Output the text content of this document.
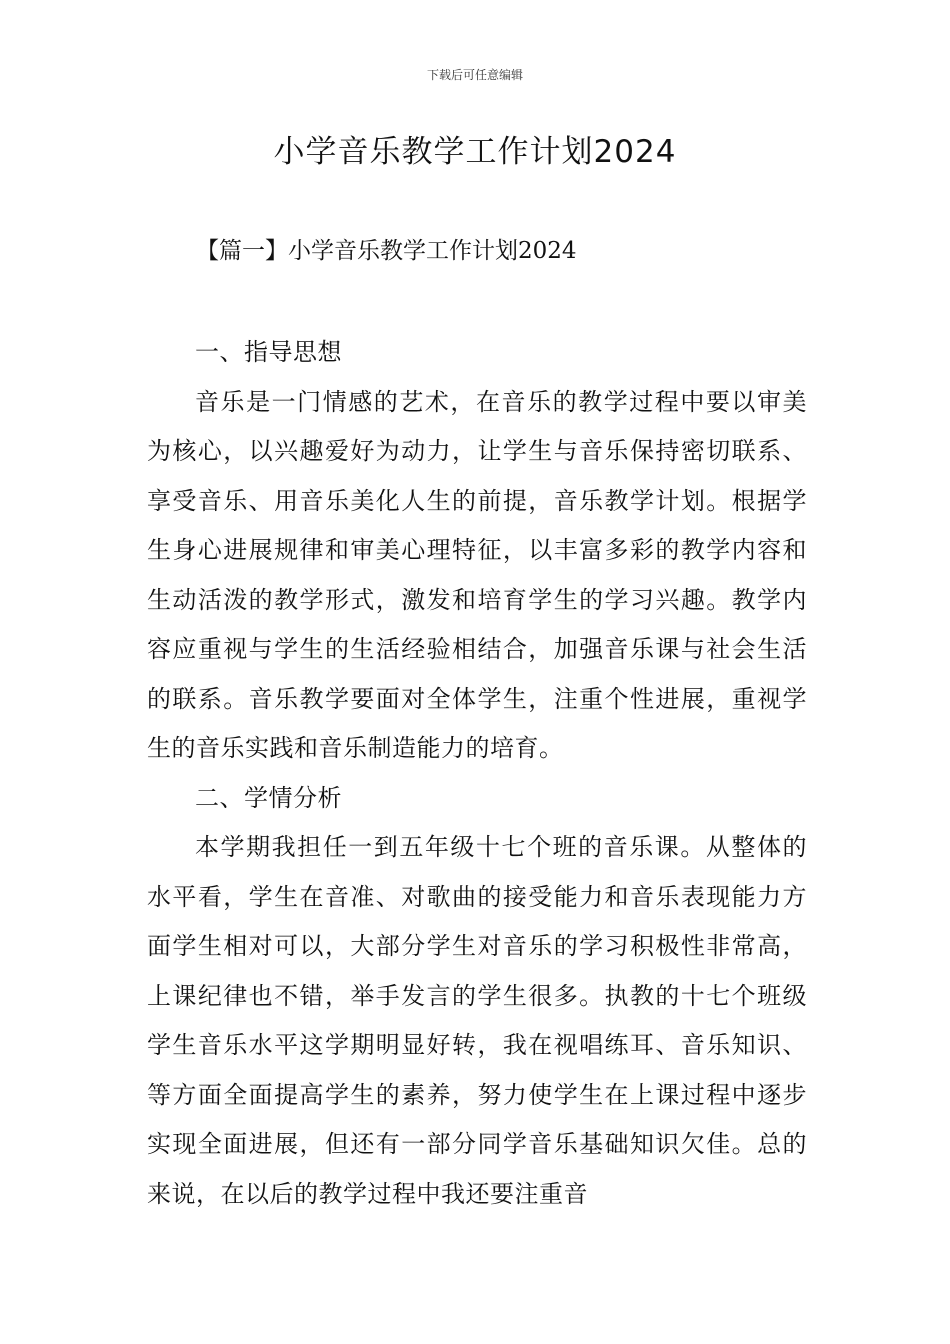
下载后可任意编辑
小学音乐教学工作计划2024
【篇一】小学音乐教学工作计划2024

一、指导思想

音乐是一门情感的艺术，在音乐的教学过程中要以审美为核心，以兴趣爱好为动力，让学生与音乐保持密切联系、享受音乐、用音乐美化人生的前提，音乐教学计划。根据学生身心进展规律和审美心理特征，以丰富多彩的教学内容和生动活泼的教学形式，激发和培育学生的学习兴趣。教学内容应重视与学生的生活经验相结合，加强音乐课与社会生活的联系。音乐教学要面对全体学生，注重个性进展，重视学生的音乐实践和音乐制造能力的培育。

二、学情分析

本学期我担任一到五年级十七个班的音乐课。从整体的水平看，学生在音准、对歌曲的接受能力和音乐表现能力方面学生相对可以，大部分学生对音乐的学习积极性非常高，上课纪律也不错，举手发言的学生很多。执教的十七个班级学生音乐水平这学期明显好转，我在视唱练耳、音乐知识、等方面全面提高学生的素养，努力使学生在上课过程中逐步实现全面进展，但还有一部分同学音乐基础知识欠佳。总的来说，在以后的教学过程中我还要注重音
